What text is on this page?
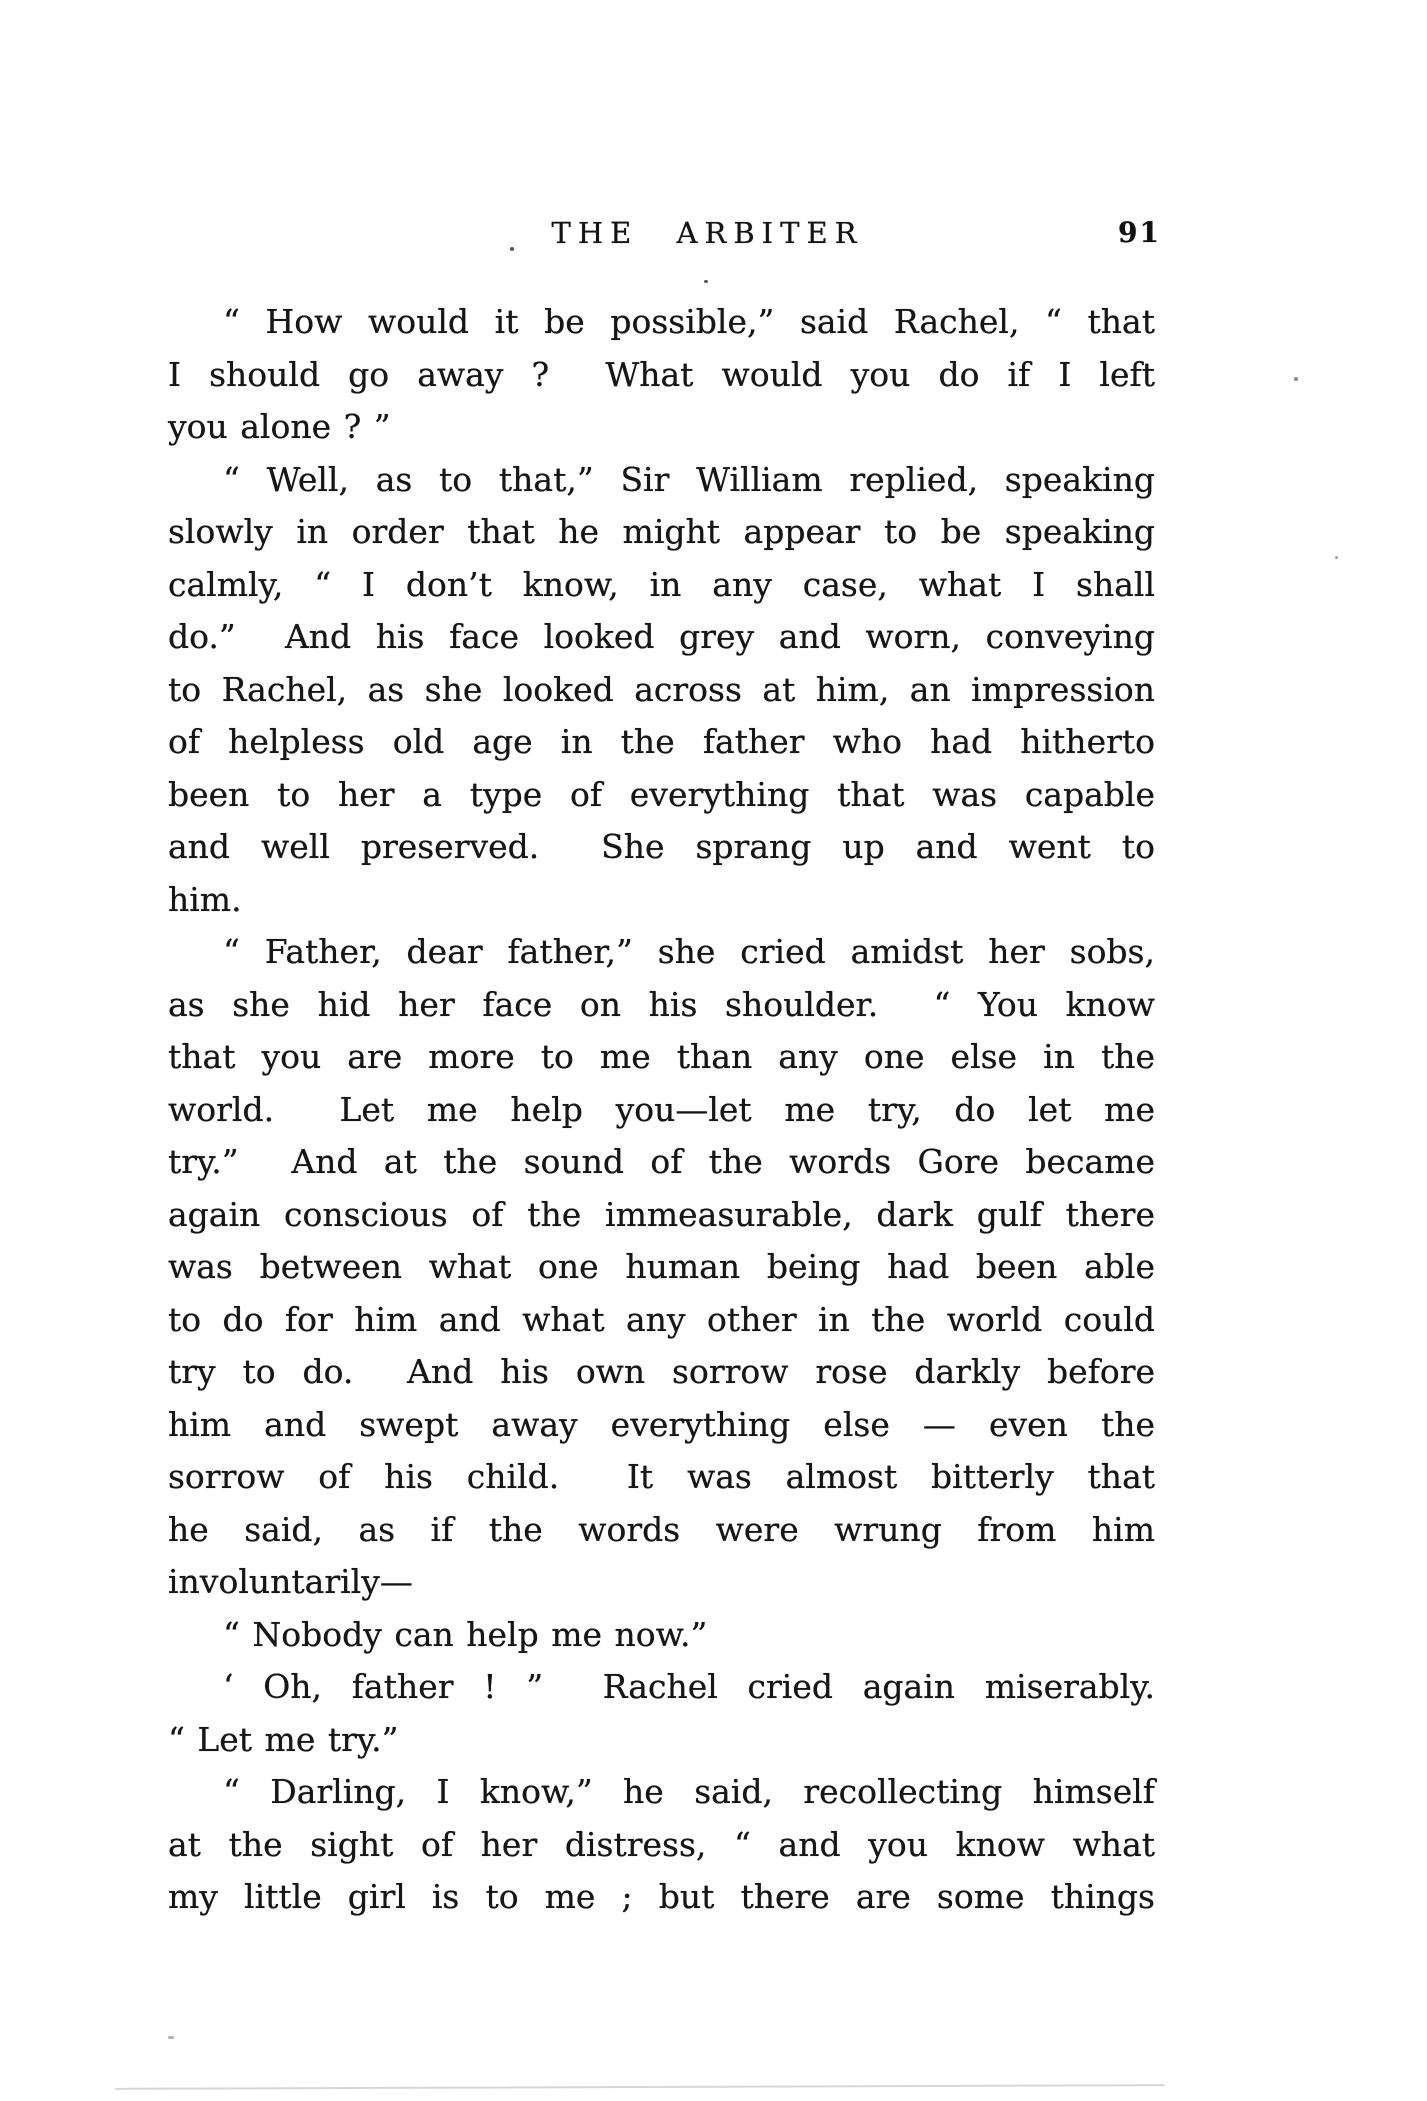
THE ARBITER	91
“ How would it be possible,” said Rachel, “ that
I should go away ?  What would you do if I left
you alone ? ”
“ Well, as to that,” Sir William replied, speaking
slowly in order that he might appear to be speaking
calmly, “ I don’t know, in any case, what I shall
do.”  And his face looked grey and worn, conveying
to Rachel, as she looked across at him, an impression
of helpless old age in the father who had hitherto
been to her a type of everything that was capable
and well preserved.  She sprang up and went to
him.
“ Father, dear father,” she cried amidst her sobs,
as she hid her face on his shoulder.  “ You know
that you are more to me than any one else in the
world.  Let me help you—let me try, do let me
try.”  And at the sound of the words Gore became
again conscious of the immeasurable, dark gulf there
was between what one human being had been able
to do for him and what any other in the world could
try to do.  And his own sorrow rose darkly before
him and swept away everything else — even the
sorrow of his child.  It was almost bitterly that
he said, as if the words were wrung from him
involuntarily—
“ Nobody can help me now.”
‘ Oh, father ! ”  Rachel cried again miserably.
“ Let me try.”
“ Darling, I know,” he said, recollecting himself
at the sight of her distress, “ and you know what
my little girl is to me ; but there are some things
